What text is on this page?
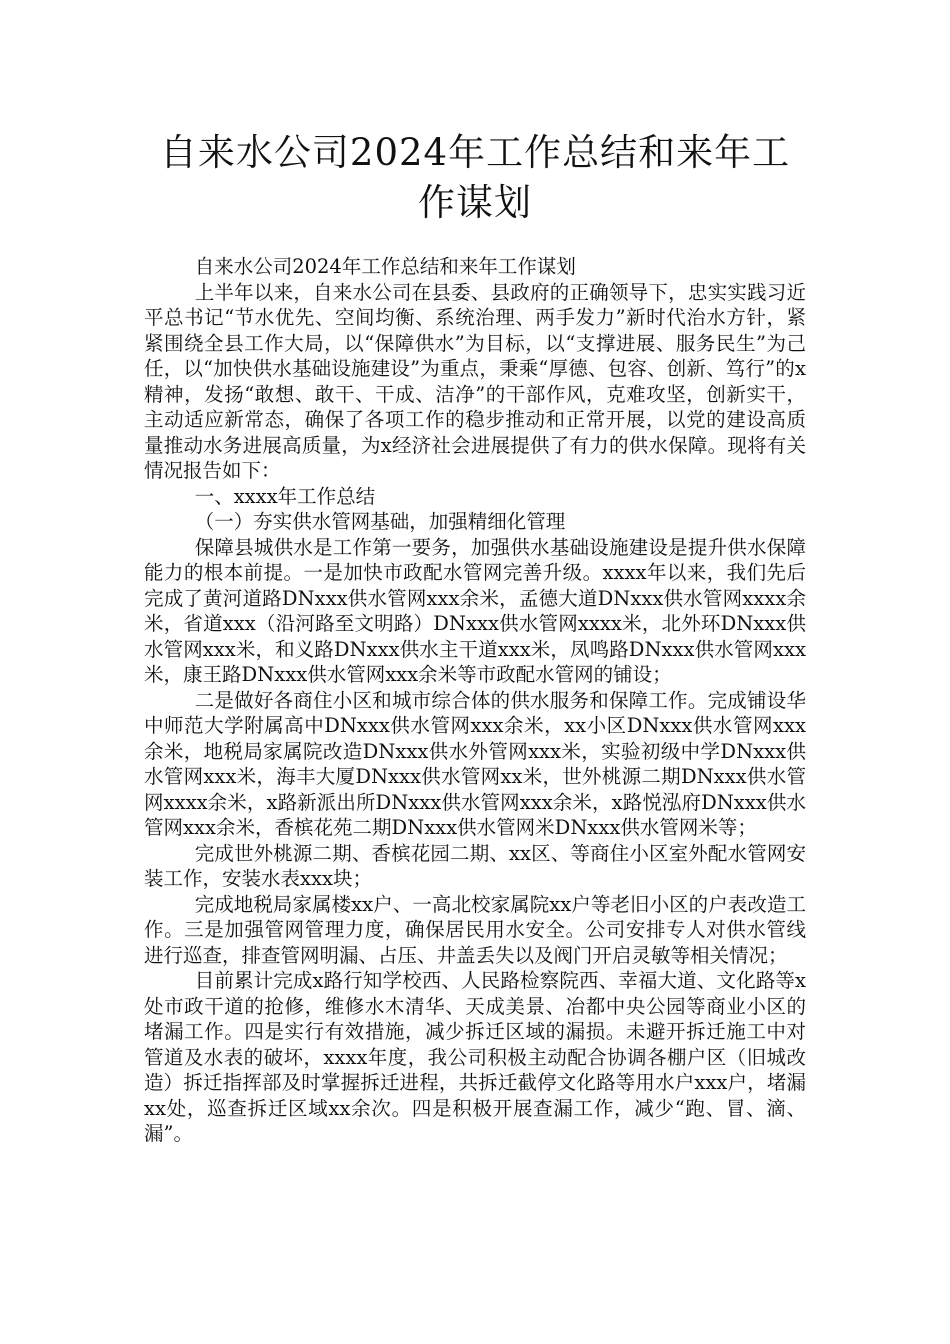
自来水公司2024年工作总结和来年工作谋划

自来水公司2024年工作总结和来年工作谋划

上半年以来，自来水公司在县委、县政府的正确领导下，忠实实践习近平总书记“节水优先、空间均衡、系统治理、两手发力”新时代治水方针，紧紧围绕全县工作大局，以“保障供水”为目标，以“支撑进展、服务民生”为己任，以“加快供水基础设施建设”为重点，秉乘“厚德、包容、创新、笃行”的x精神，发扬“敢想、敢干、干成、洁净”的干部作风，克难攻坚，创新实干，主动适应新常态，确保了各项工作的稳步推动和正常开展，以党的建设高质量推动水务进展高质量，为x经济社会进展提供了有力的供水保障。现将有关情况报告如下：

一、xxxx年工作总结

（一）夯实供水管网基础，加强精细化管理

保障县城供水是工作第一要务，加强供水基础设施建设是提升供水保障能力的根本前提。一是加快市政配水管网完善升级。xxxx年以来，我们先后完成了黄河道路DNxxx供水管网xxx余米，孟德大道DNxxx供水管网xxxx余米，省道xxx（沿河路至文明路）DNxxx供水管网xxxx米，北外环DNxxx供水管网xxx米，和义路DNxxx供水主干道xxx米，凤鸣路DNxxx供水管网xxx米，康王路DNxxx供水管网xxx余米等市政配水管网的铺设；

二是做好各商住小区和城市综合体的供水服务和保障工作。完成铺设华中师范大学附属高中DNxxx供水管网xxx余米，xx小区DNxxx供水管网xxx余米，地税局家属院改造DNxxx供水外管网xxx米，实验初级中学DNxxx供水管网xxx米，海丰大厦DNxxx供水管网xx米，世外桃源二期DNxxx供水管网xxxx余米，x路新派出所DNxxx供水管网xxx余米，x路悦泓府DNxxx供水管网xxx余米，香槟花苑二期DNxxx供水管网米DNxxx供水管网米等；

完成世外桃源二期、香槟花园二期、xx区、等商住小区室外配水管网安装工作，安装水表xxx块；

完成地税局家属楼xx户、一高北校家属院xx户等老旧小区的户表改造工作。三是加强管网管理力度，确保居民用水安全。公司安排专人对供水管线进行巡查，排查管网明漏、占压、井盖丢失以及阀门开启灵敏等相关情况；

目前累计完成x路行知学校西、人民路检察院西、幸福大道、文化路等x处市政干道的抢修，维修水木清华、天成美景、冶都中央公园等商业小区的堵漏工作。四是实行有效措施，减少拆迁区域的漏损。未避开拆迁施工中对管道及水表的破坏，xxxx年度，我公司积极主动配合协调各棚户区（旧城改造）拆迁指挥部及时掌握拆迁进程，共拆迁截停文化路等用水户xxx户，堵漏xx处，巡查拆迁区域xx余次。四是积极开展查漏工作，减少“跑、冒、滴、漏”。
